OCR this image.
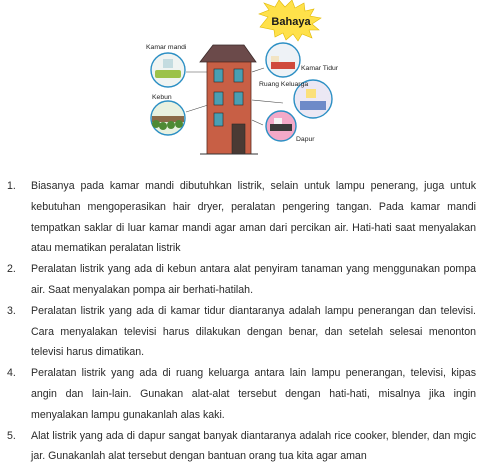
Bahaya
Kamar mandi
Kebun
Kamar Tidur
Ruang Keluarga
Dapur
1. Biasanya pada kamar mandi dibutuhkan listrik, selain untuk lampu penerang, juga untuk kebutuhan mengoperasikan hair dryer, peralatan pengering tangan. Pada kamar mandi tempatkan saklar di luar kamar mandi agar aman dari percikan air. Hati-hati saat menyalakan atau mematikan peralatan listrik
2. Peralatan listrik yang ada di kebun antara alat penyiram tanaman yang menggunakan pompa air. Saat menyalakan pompa air berhati-hatilah.
3. Peralatan listrik yang ada di kamar tidur diantaranya adalah lampu penerangan dan televisi. Cara menyalakan televisi harus dilakukan dengan benar, dan setelah selesai menonton televisi harus dimatikan.
4. Peralatan listrik yang ada di ruang keluarga antara lain lampu penerangan, televisi, kipas angin dan lain-lain. Gunakan alat-alat tersebut dengan hati-hati, misalnya jika ingin menyalakan lampu gunakanlah alas kaki.
5. Alat listrik yang ada di dapur sangat banyak diantaranya adalah rice cooker, blender, dan mgic jar. Gunakanlah alat tersebut dengan bantuan orang tua kita agar aman
